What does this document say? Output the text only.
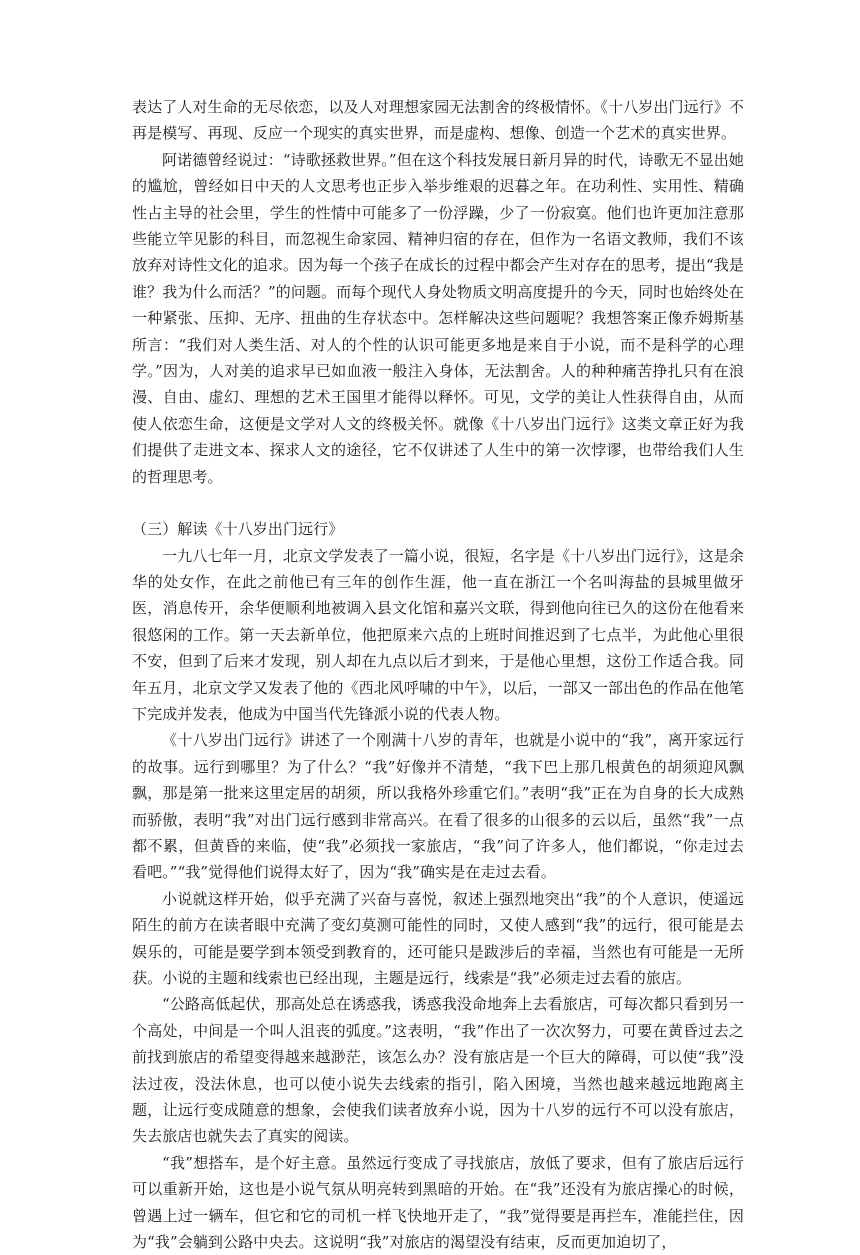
表达了人对生命的无尽依恋，以及人对理想家园无法割舍的终极情怀。《十八岁出门远行》不再是模写、再现、反应一个现实的真实世界，而是虚构、想像、创造一个艺术的真实世界。

阿诺德曾经说过：“诗歌拯救世界。”但在这个科技发展日新月异的时代，诗歌无不显出她的尴尬，曾经如日中天的人文思考也正步入举步维艰的迟暮之年。在功利性、实用性、精确性占主导的社会里，学生的性情中可能多了一份浮躁，少了一份寂寞。他们也许更加注意那些能立竿见影的科目，而忽视生命家园、精神归宿的存在，但作为一名语文教师，我们不该放弃对诗性文化的追求。因为每一个孩子在成长的过程中都会产生对存在的思考，提出“我是谁？我为什么而活？”的问题。而每个现代人身处物质文明高度提升的今天，同时也始终处在一种紧张、压抑、无序、扭曲的生存状态中。怎样解决这些问题呢？我想答案正像乔姆斯基所言：“我们对人类生活、对人的个性的认识可能更多地是来自于小说，而不是科学的心理学。”因为，人对美的追求早已如血液一般注入身体，无法割舍。人的种种痛苦挣扎只有在浪漫、自由、虚幻、理想的艺术王国里才能得以释怀。可见，文学的美让人性获得自由，从而使人依恋生命，这便是文学对人文的终极关怀。就像《十八岁出门远行》这类文章正好为我们提供了走进文本、探求人文的途径，它不仅讲述了人生中的第一次悖谬，也带给我们人生的哲理思考。

（三）解读《十八岁出门远行》

一九八七年一月，北京文学发表了一篇小说，很短，名字是《十八岁出门远行》，这是余华的处女作，在此之前他已有三年的创作生涯，他一直在浙江一个名叫海盐的县城里做牙医，消息传开，余华便顺利地被调入县文化馆和嘉兴文联，得到他向往已久的这份在他看来很悠闲的工作。第一天去新单位，他把原来六点的上班时间推迟到了七点半，为此他心里很不安，但到了后来才发现，别人却在九点以后才到来，于是他心里想，这份工作适合我。同年五月，北京文学又发表了他的《西北风呼啸的中午》，以后，一部又一部出色的作品在他笔下完成并发表，他成为中国当代先锋派小说的代表人物。

《十八岁出门远行》讲述了一个刚满十八岁的青年，也就是小说中的“我”，离开家远行的故事。远行到哪里？为了什么？“我”好像并不清楚，“我下巴上那几根黄色的胡须迎风飘飘，那是第一批来这里定居的胡须，所以我格外珍重它们。”表明“我”正在为自身的长大成熟而骄傲，表明“我”对出门远行感到非常高兴。在看了很多的山很多的云以后，虽然“我”一点都不累，但黄昏的来临，使“我”必须找一家旅店，“我”问了许多人，他们都说，“你走过去看吧。”“我”觉得他们说得太好了，因为“我”确实是在走过去看。

小说就这样开始，似乎充满了兴奋与喜悦，叙述上强烈地突出“我”的个人意识，使遥远陌生的前方在读者眼中充满了变幻莫测可能性的同时，又使人感到“我”的远行，很可能是去娱乐的，可能是要学到本领受到教育的，还可能只是跋涉后的幸福，当然也有可能是一无所获。小说的主题和线索也已经出现，主题是远行，线索是“我”必须走过去看的旅店。

“公路高低起伏，那高处总在诱惑我，诱惑我没命地奔上去看旅店，可每次都只看到另一个高处，中间是一个叫人沮丧的弧度。”这表明，“我”作出了一次次努力，可要在黄昏过去之前找到旅店的希望变得越来越渺茫，该怎么办？没有旅店是一个巨大的障碍，可以使“我”没法过夜，没法休息，也可以使小说失去线索的指引，陷入困境，当然也越来越远地跑离主题，让远行变成随意的想象，会使我们读者放弃小说，因为十八岁的远行不可以没有旅店，失去旅店也就失去了真实的阅读。

“我”想搭车，是个好主意。虽然远行变成了寻找旅店，放低了要求，但有了旅店后远行可以重新开始，这也是小说气氛从明亮转到黑暗的开始。在“我”还没有为旅店操心的时候，曾遇上过一辆车，但它和它的司机一样飞快地开走了，“我”觉得要是再拦车，准能拦住，因为“我”会躺到公路中央去。这说明“我”对旅店的渴望没有结束，反而更加迫切了，
